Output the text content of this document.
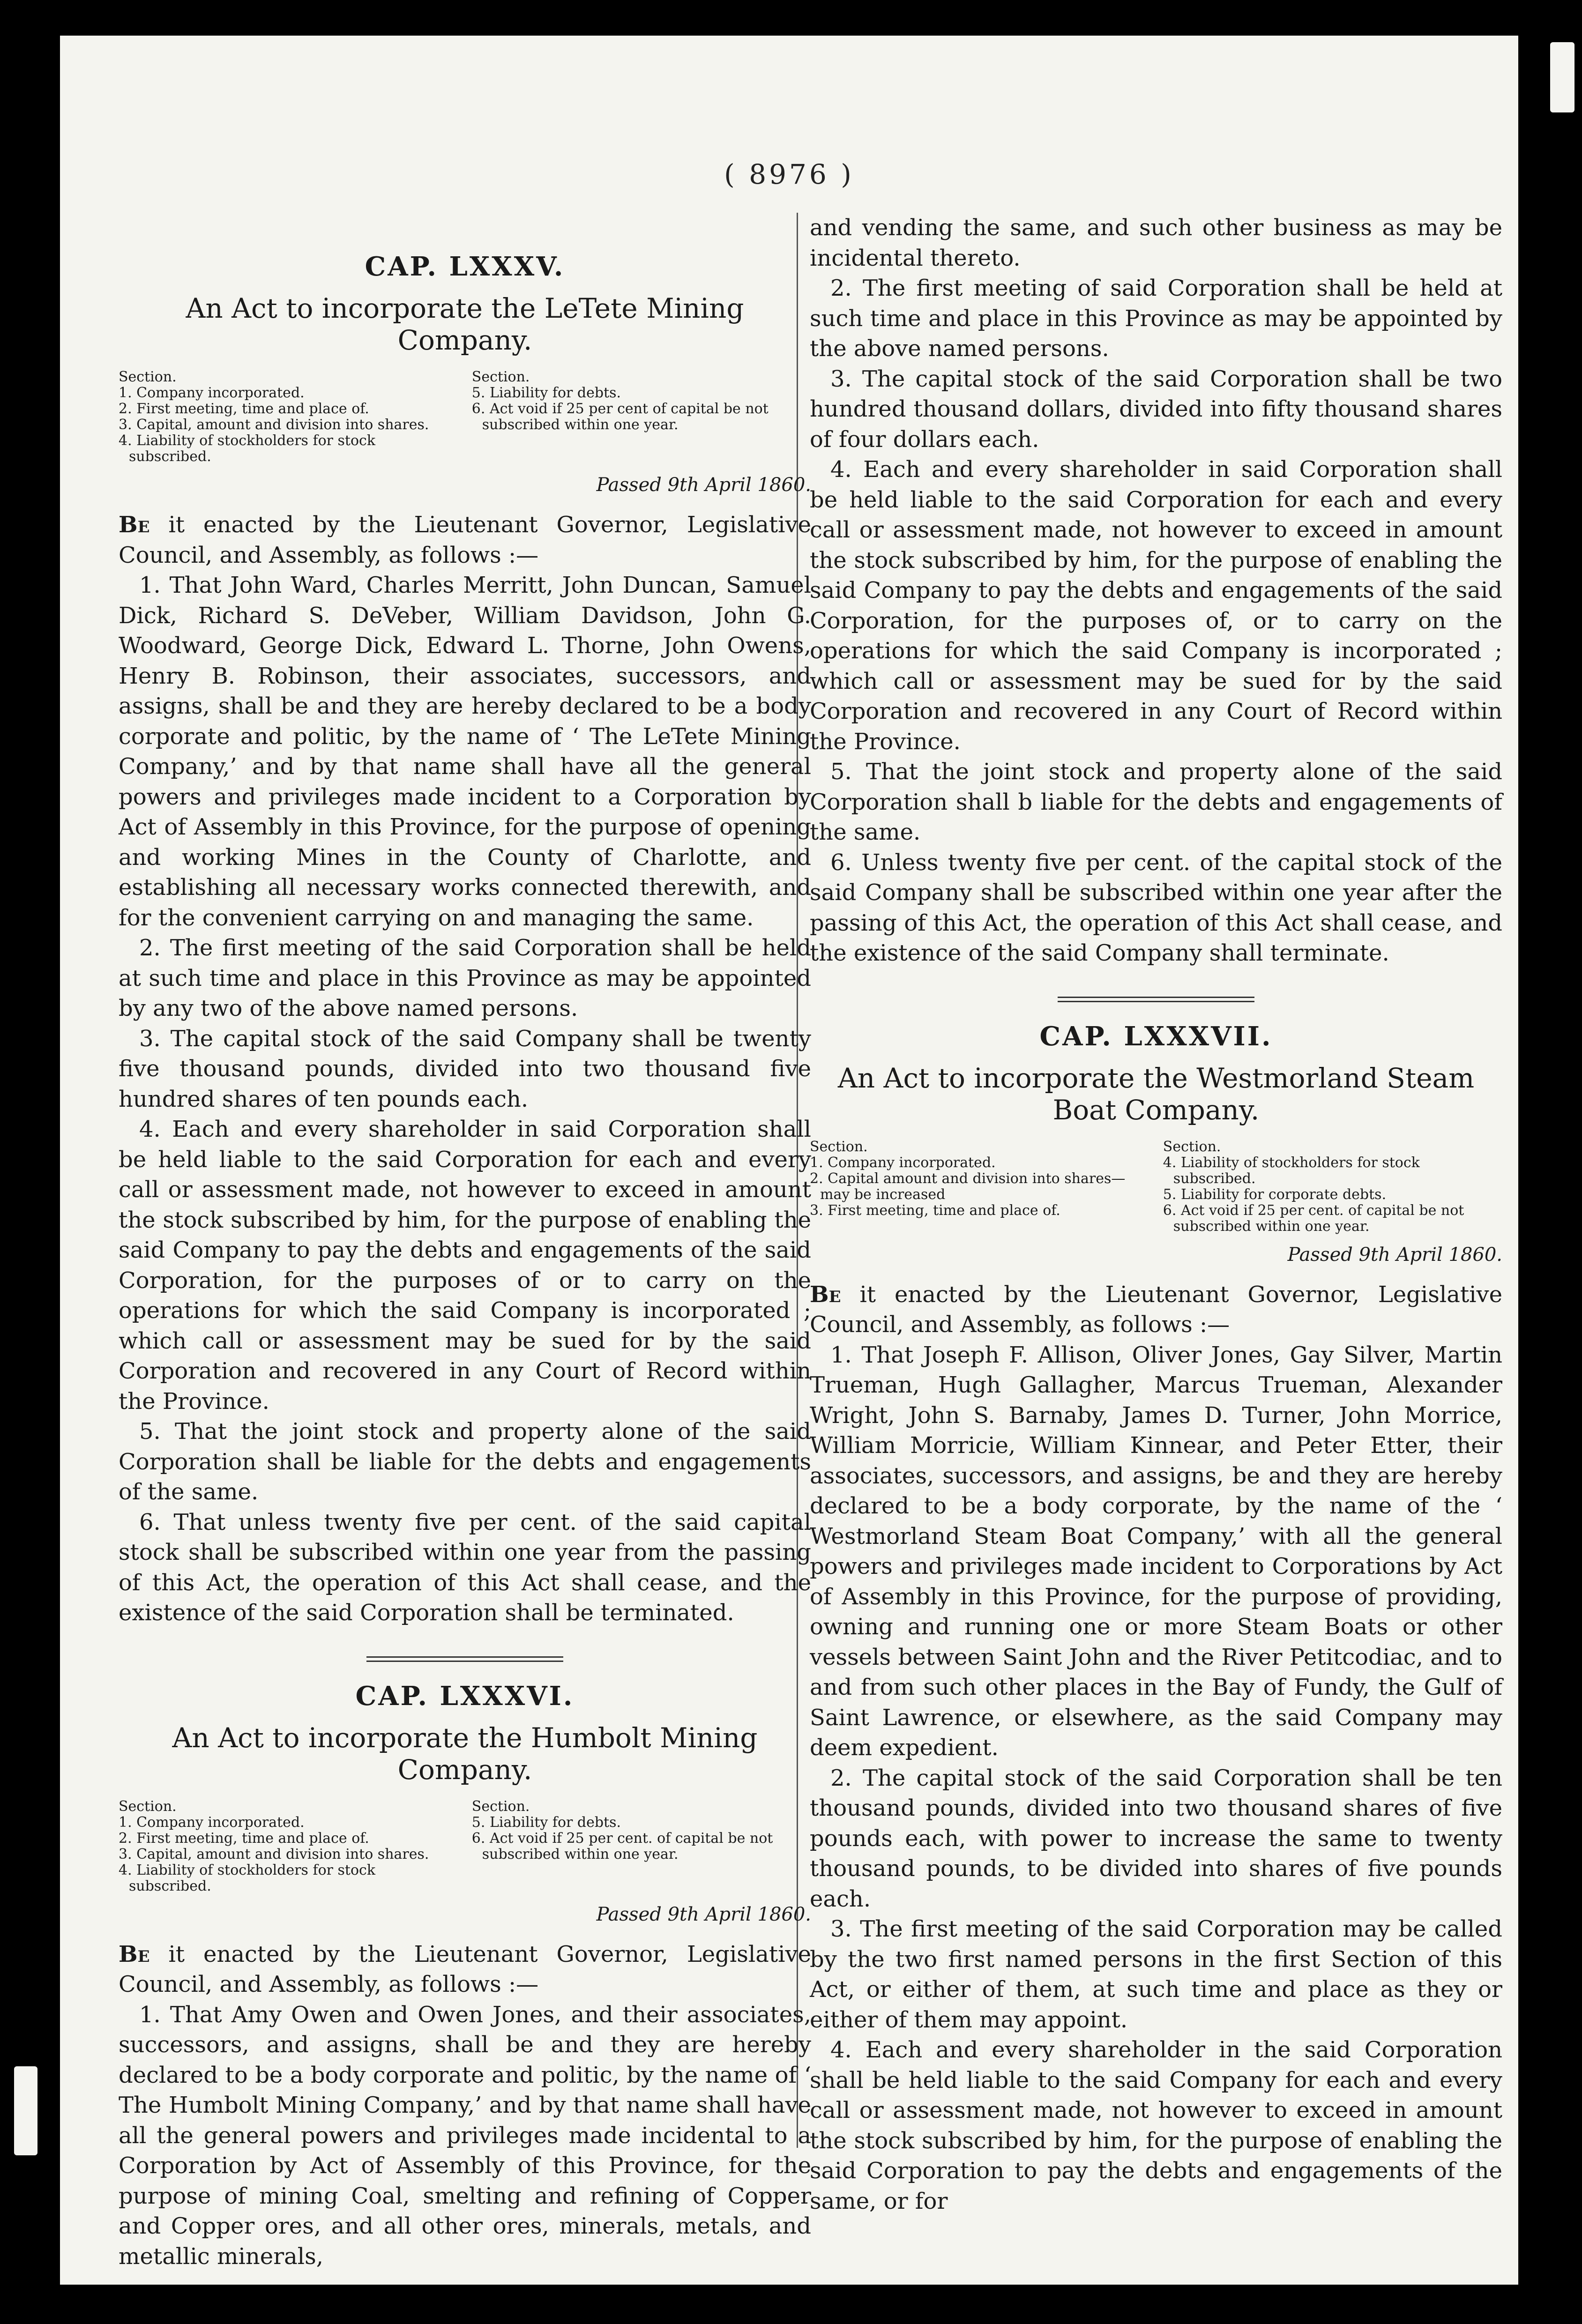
( 8976 )
CAP. LXXXV.
An Act to incorporate the LeTete Mining Company.
Section.
1. Company incorporated.
2. First meeting, time and place of.
3. Capital, amount and division into shares.
4. Liability of stockholders for stock subscribed.
Section.
5. Liability for debts.
6. Act void if 25 per cent of capital be not subscribed within one year.
Passed 9th April 1860.

Be it enacted by the Lieutenant Governor, Legislative Council, and Assembly, as follows :—

1. That John Ward, Charles Merritt, John Duncan, Samuel Dick, Richard S. DeVeber, William Davidson, John G. Woodward, George Dick, Edward L. Thorne, John Owens, Henry B. Robinson, their associates, successors, and assigns, shall be and they are hereby declared to be a body corporate and politic, by the name of ‘ The LeTete Mining Company,’ and by that name shall have all the general powers and privileges made incident to a Corporation by Act of Assembly in this Province, for the purpose of opening and working Mines in the County of Charlotte, and establishing all necessary works connected therewith, and for the convenient carrying on and managing the same.

2. The first meeting of the said Corporation shall be held at such time and place in this Province as may be appointed by any two of the above named persons.

3. The capital stock of the said Company shall be twenty five thousand pounds, divided into two thousand five hundred shares of ten pounds each.

4. Each and every shareholder in said Corporation shall be held liable to the said Corporation for each and every call or assessment made, not however to exceed in amount the stock subscribed by him, for the purpose of enabling the said Company to pay the debts and engagements of the said Corporation, for the purposes of or to carry on the operations for which the said Company is incorporated ; which call or assessment may be sued for by the said Corporation and recovered in any Court of Record within the Province.

5. That the joint stock and property alone of the said Corporation shall be liable for the debts and engagements of the same.

6. That unless twenty five per cent. of the said capital stock shall be subscribed within one year from the passing of this Act, the operation of this Act shall cease, and the existence of the said Corporation shall be terminated.

CAP. LXXXVI.
An Act to incorporate the Humbolt Mining Company.
Section.
1. Company incorporated.
2. First meeting, time and place of.
3. Capital, amount and division into shares.
4. Liability of stockholders for stock subscribed.
Section.
5. Liability for debts.
6. Act void if 25 per cent. of capital be not subscribed within one year.
Passed 9th April 1860.

Be it enacted by the Lieutenant Governor, Legislative Council, and Assembly, as follows :—

1. That Amy Owen and Owen Jones, and their associates, successors, and assigns, shall be and they are hereby declared to be a body corporate and politic, by the name of ‘ The Humbolt Mining Company,’ and by that name shall have all the general powers and privileges made incidental to a Corporation by Act of Assembly of this Province, for the purpose of mining Coal, smelting and refining of Copper and Copper ores, and all other ores, minerals, metals, and metallic minerals,

and vending the same, and such other business as may be incidental thereto.

2. The first meeting of said Corporation shall be held at such time and place in this Province as may be appointed by the above named persons.

3. The capital stock of the said Corporation shall be two hundred thousand dollars, divided into fifty thousand shares of four dollars each.

4. Each and every shareholder in said Corporation shall be held liable to the said Corporation for each and every call or assessment made, not however to exceed in amount the stock subscribed by him, for the purpose of enabling the said Company to pay the debts and engagements of the said Corporation, for the purposes of, or to carry on the operations for which the said Company is incorporated ; which call or assessment may be sued for by the said Corporation and recovered in any Court of Record within the Province.

5. That the joint stock and property alone of the said Corporation shall b liable for the debts and engagements of the same.

6. Unless twenty five per cent. of the capital stock of the said Company shall be subscribed within one year after the passing of this Act, the operation of this Act shall cease, and the existence of the said Company shall terminate.

CAP. LXXXVII.
An Act to incorporate the Westmorland Steam Boat Company.
Section.
1. Company incorporated.
2. Capital amount and division into shares—may be increased
3. First meeting, time and place of.
Section.
4. Liability of stockholders for stock subscribed.
5. Liability for corporate debts.
6. Act void if 25 per cent. of capital be not subscribed within one year.
Passed 9th April 1860.

Be it enacted by the Lieutenant Governor, Legislative Council, and Assembly, as follows :—

1. That Joseph F. Allison, Oliver Jones, Gay Silver, Martin Trueman, Hugh Gallagher, Marcus Trueman, Alexander Wright, John S. Barnaby, James D. Turner, John Morrice, William Morricie, William Kinnear, and Peter Etter, their associates, successors, and assigns, be and they are hereby declared to be a body corporate, by the name of the ‘ Westmorland Steam Boat Company,’ with all the general powers and privileges made incident to Corporations by Act of Assembly in this Province, for the purpose of providing, owning and running one or more Steam Boats or other vessels between Saint John and the River Petitcodiac, and to and from such other places in the Bay of Fundy, the Gulf of Saint Lawrence, or elsewhere, as the said Company may deem expedient.

2. The capital stock of the said Corporation shall be ten thousand pounds, divided into two thousand shares of five pounds each, with power to increase the same to twenty thousand pounds, to be divided into shares of five pounds each.

3. The first meeting of the said Corporation may be called by the two first named persons in the first Section of this Act, or either of them, at such time and place as they or either of them may appoint.

4. Each and every shareholder in the said Corporation shall be held liable to the said Company for each and every call or assessment made, not however to exceed in amount the stock subscribed by him, for the purpose of enabling the said Corporation to pay the debts and engagements of the same, or for
